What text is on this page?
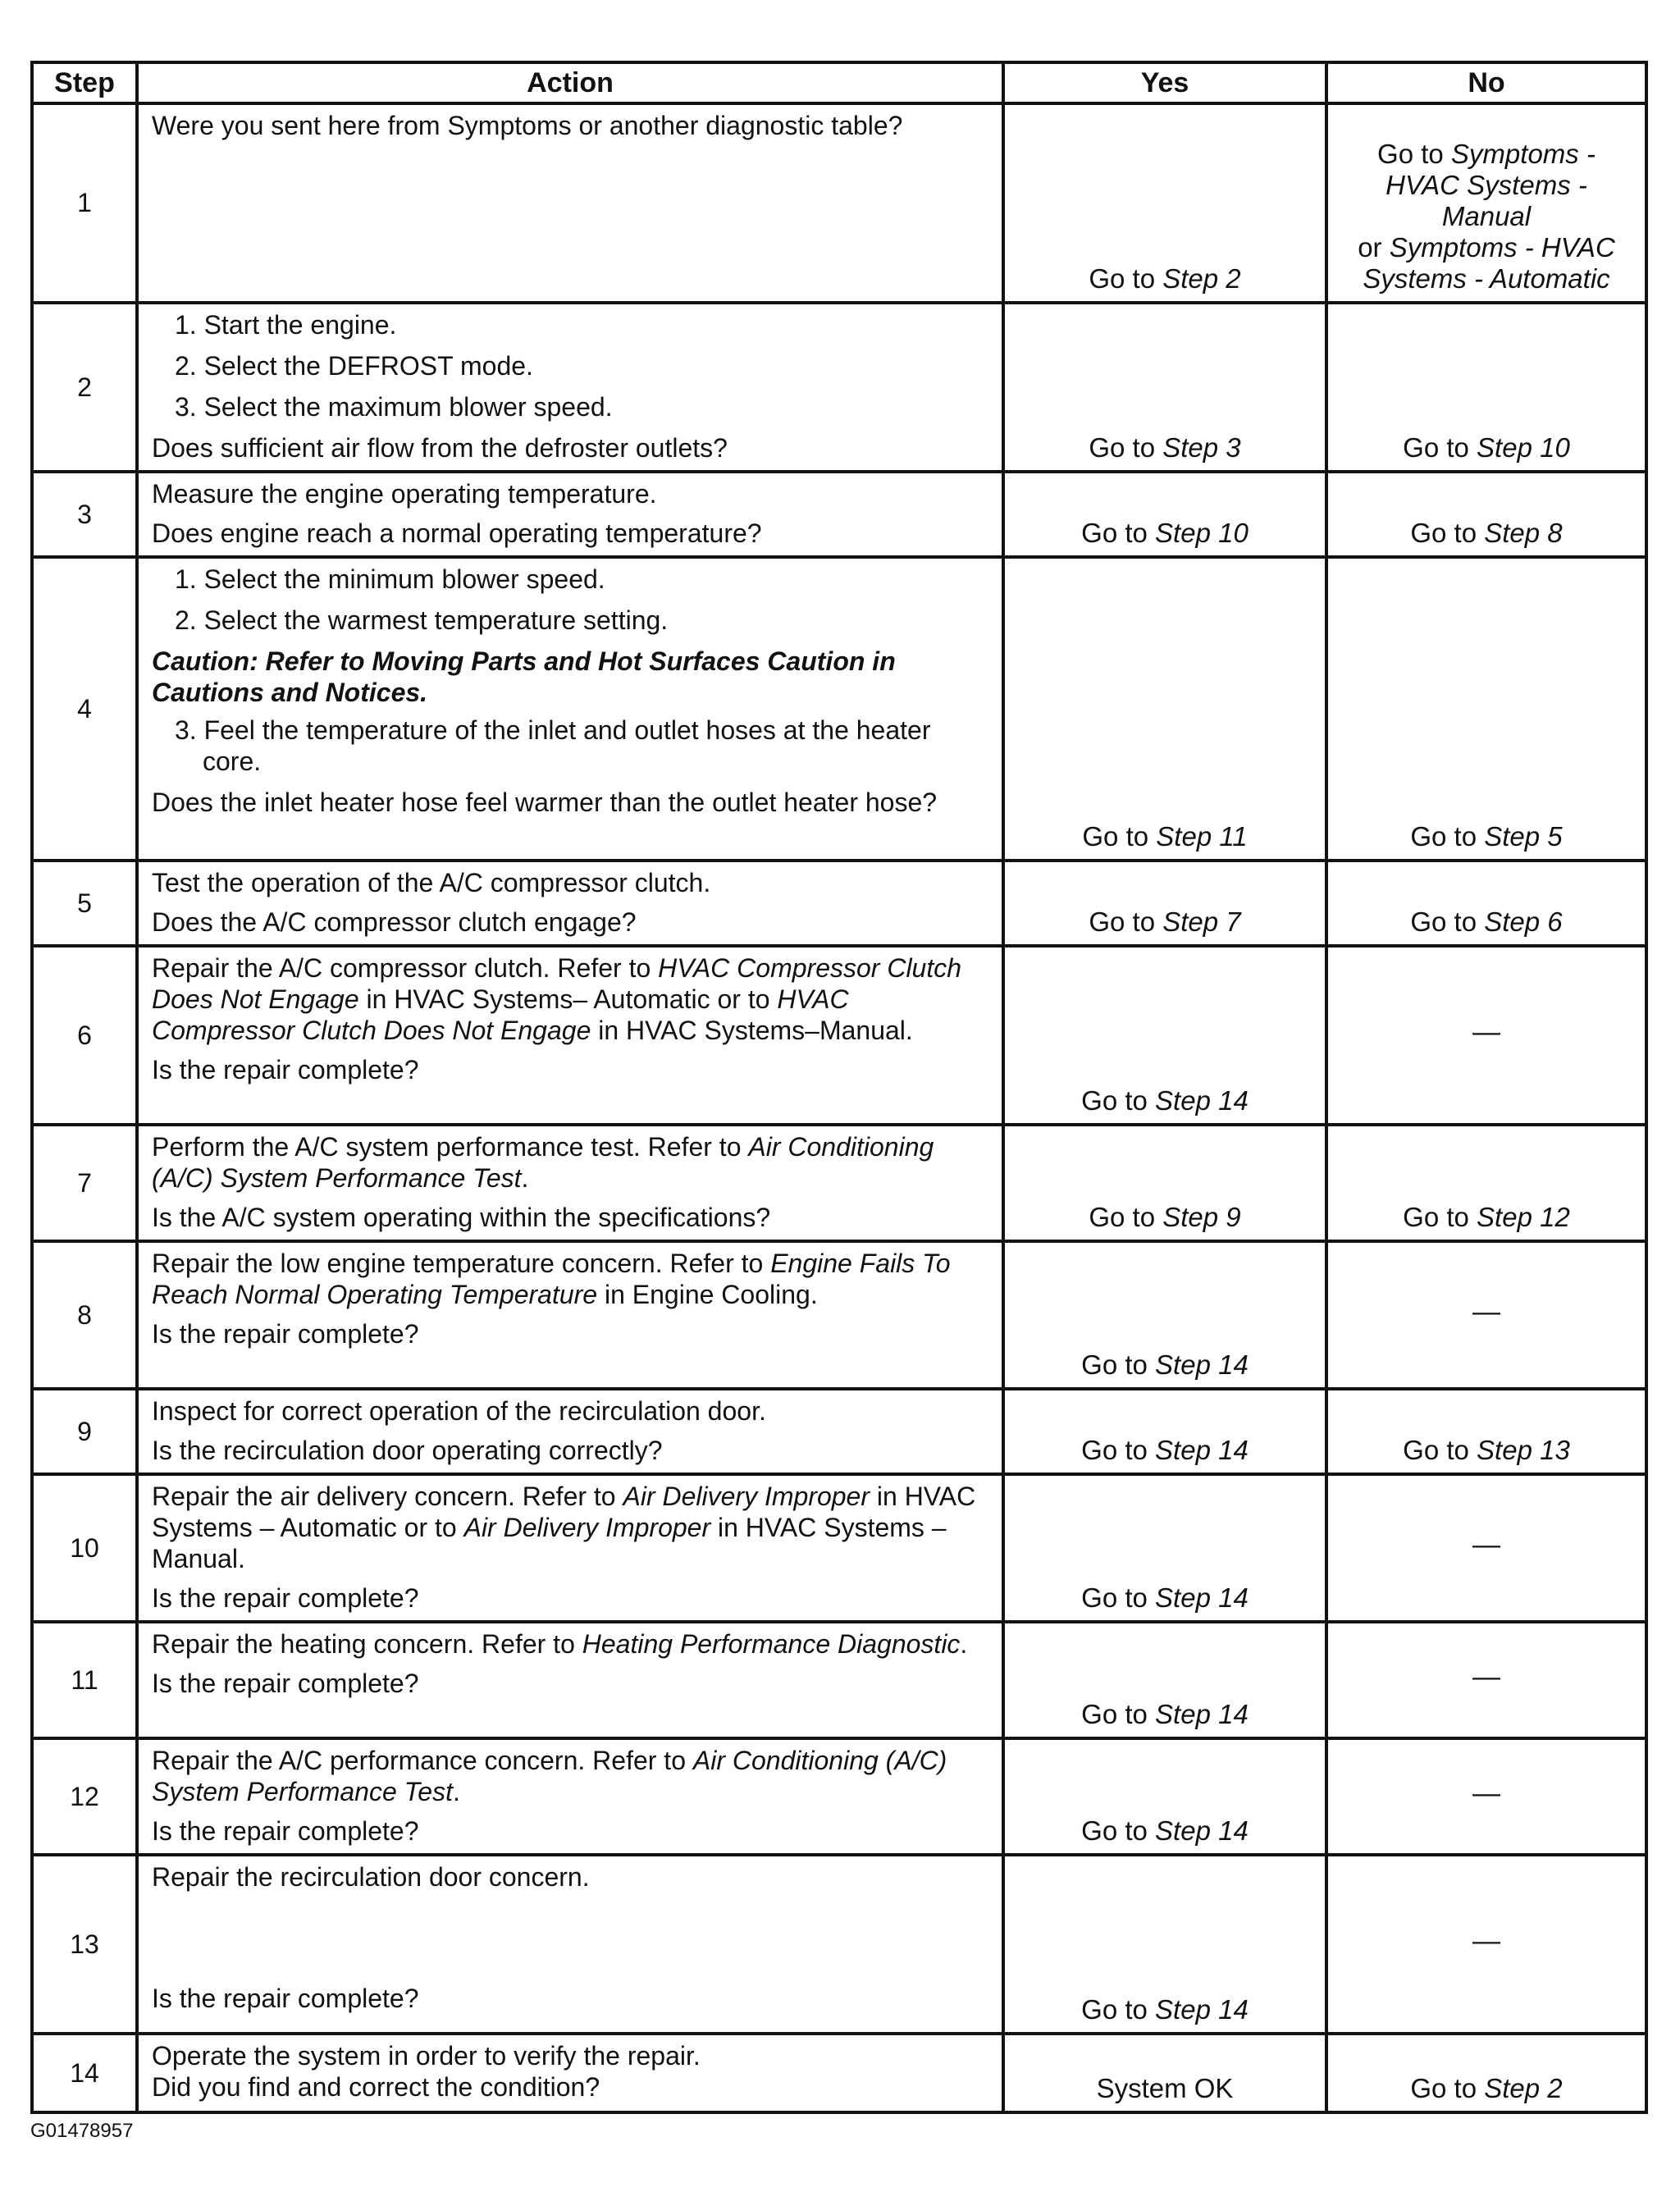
Step	Action	Yes	No
1	Were you sent here from Symptoms or another diagnostic table?	Go to Step 2	Go to Symptoms -
HVAC Systems -
Manual
or Symptoms - HVAC
Systems - Automatic
2	1. Start the engine.
2. Select the DEFROST mode.
3. Select the maximum blower speed.
Does sufficient air flow from the defroster outlets?	Go to Step 3	Go to Step 10
3	Measure the engine operating temperature.
Does engine reach a normal operating temperature?	Go to Step 10	Go to Step 8
4	1. Select the minimum blower speed.
2. Select the warmest temperature setting.
Caution: Refer to Moving Parts and Hot Surfaces Caution in Cautions and Notices.
3. Feel the temperature of the inlet and outlet hoses at the heater core.
Does the inlet heater hose feel warmer than the outlet heater hose?	Go to Step 11	Go to Step 5
5	Test the operation of the A/C compressor clutch.
Does the A/C compressor clutch engage?	Go to Step 7	Go to Step 6
6	Repair the A/C compressor clutch. Refer to HVAC Compressor Clutch Does Not Engage in HVAC Systems– Automatic or to HVAC Compressor Clutch Does Not Engage in HVAC Systems–Manual.
Is the repair complete?	Go to Step 14	—
7	Perform the A/C system performance test. Refer to Air Conditioning (A/C) System Performance Test.
Is the A/C system operating within the specifications?	Go to Step 9	Go to Step 12
8	Repair the low engine temperature concern. Refer to Engine Fails To Reach Normal Operating Temperature in Engine Cooling.
Is the repair complete?	Go to Step 14	—
9	Inspect for correct operation of the recirculation door.
Is the recirculation door operating correctly?	Go to Step 14	Go to Step 13
10	Repair the air delivery concern. Refer to Air Delivery Improper in HVAC Systems – Automatic or to Air Delivery Improper in HVAC Systems – Manual.
Is the repair complete?	Go to Step 14	—
11	Repair the heating concern. Refer to Heating Performance Diagnostic.
Is the repair complete?	Go to Step 14	—
12	Repair the A/C performance concern. Refer to Air Conditioning (A/C) System Performance Test.
Is the repair complete?	Go to Step 14	—
13	Repair the recirculation door concern.
Is the repair complete?	Go to Step 14	—
14	Operate the system in order to verify the repair.
Did you find and correct the condition?	System OK	Go to Step 2
G01478957
